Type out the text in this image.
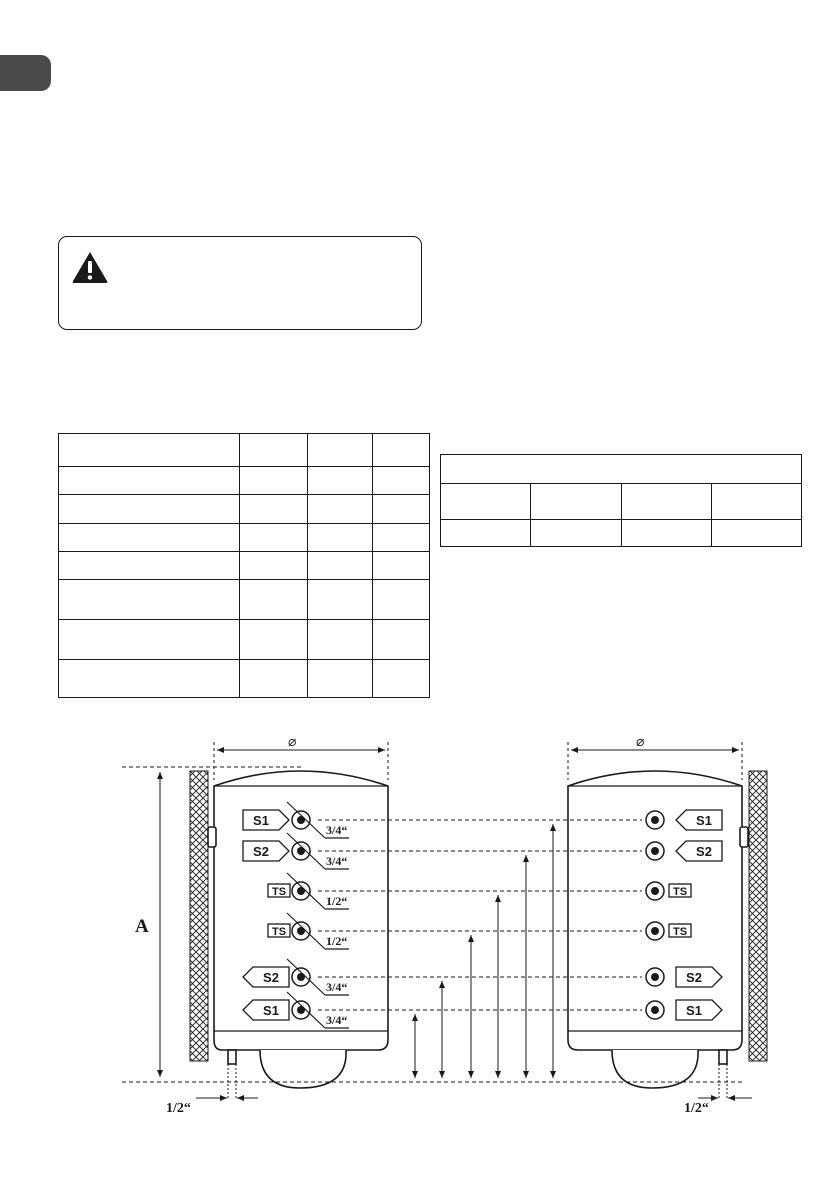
⌀	⌀
A
3/4“
S1
3/4“
S2
1/2“
TS
1/2“
TS
3/4“
S2
3/4“
S1
S1
S2
TS
TS
S2
S1
1/2“	1/2“
